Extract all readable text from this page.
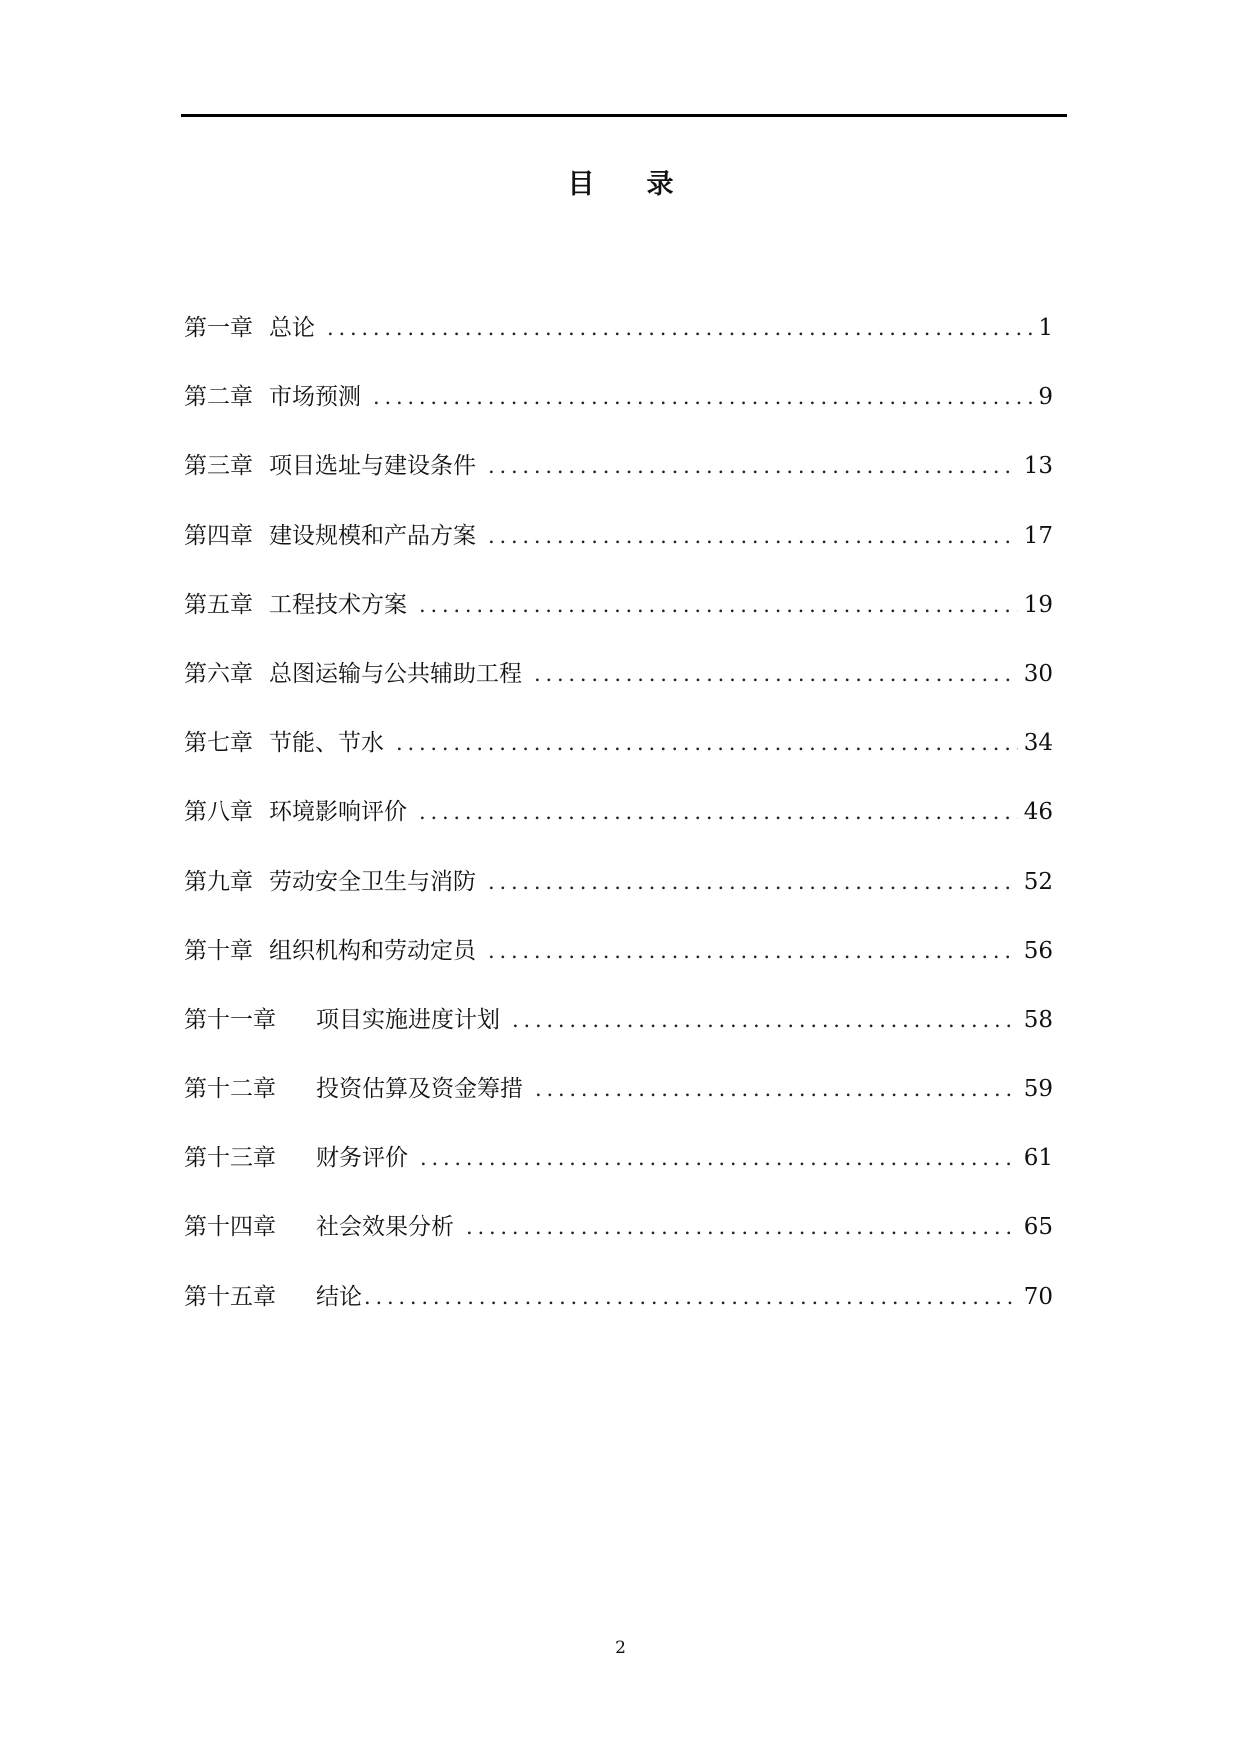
目录
第一章 总论 .....	1
第二章 市场预测 .....	9
第三章 项目选址与建设条件 .....	13
第四章 建设规模和产品方案 .....	17
第五章 工程技术方案 .....	19
第六章 总图运输与公共辅助工程 .....	30
第七章 节能、节水 .....	34
第八章 环境影响评价 .....	46
第九章 劳动安全卫生与消防 .....	52
第十章 组织机构和劳动定员 .....	56
第十一章	项目实施进度计划 .....	58
第十二章	投资估算及资金筹措 .....	59
第十三章	财务评价 .....	61
第十四章	社会效果分析 .....	65
第十五章	结论 .....	70
2
